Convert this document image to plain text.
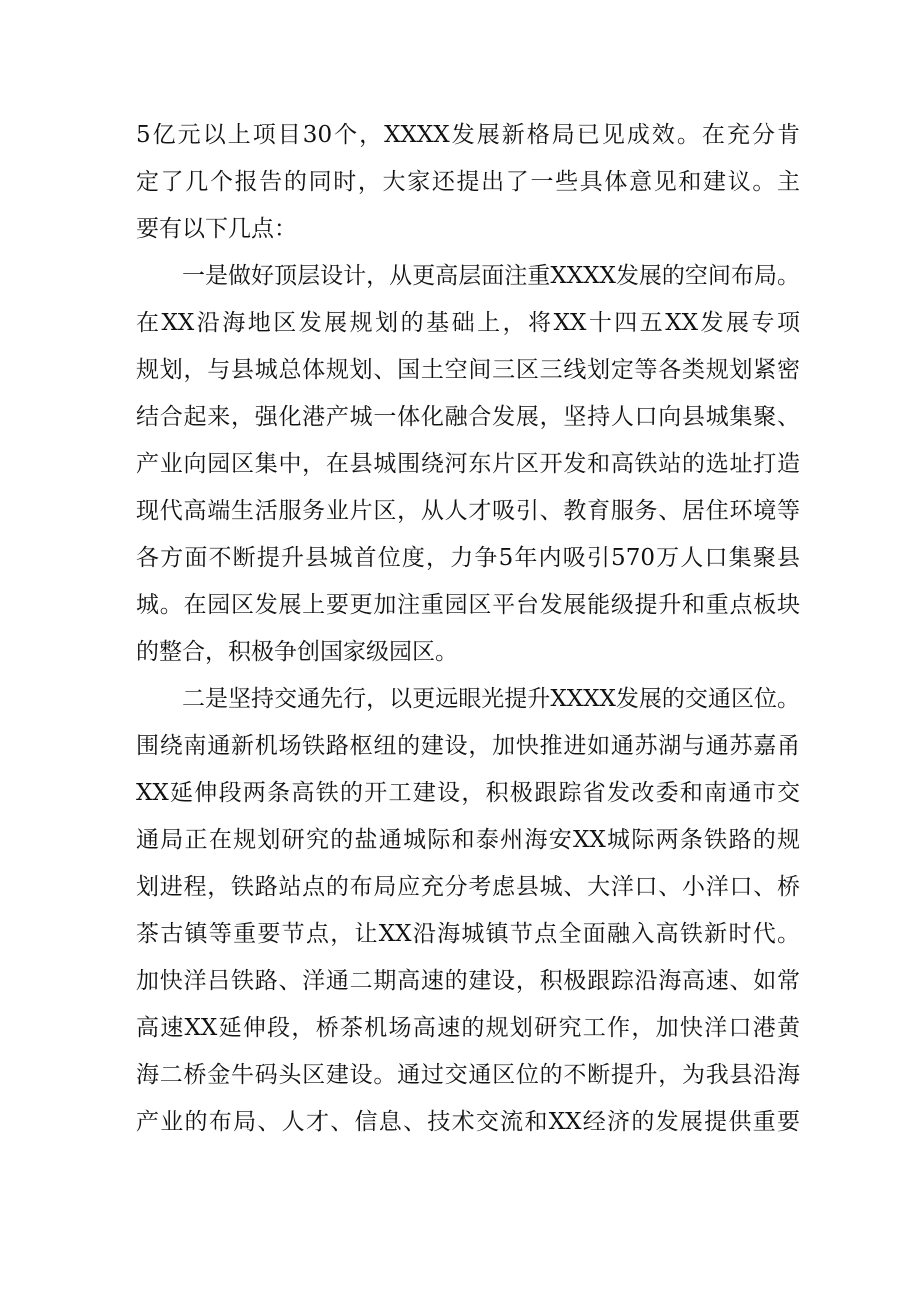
5亿元以上项目30个，XXXX发展新格局已见成效。在充分肯
定了几个报告的同时，大家还提出了一些具体意见和建议。主
要有以下几点：
一是做好顶层设计，从更高层面注重XXXX发展的空间布局。
在XX沿海地区发展规划的基础上，将XX十四五XX发展专项
规划，与县城总体规划、国土空间三区三线划定等各类规划紧密
结合起来，强化港产城一体化融合发展，坚持人口向县城集聚、
产业向园区集中，在县城围绕河东片区开发和高铁站的选址打造
现代高端生活服务业片区，从人才吸引、教育服务、居住环境等
各方面不断提升县城首位度，力争5年内吸引570万人口集聚县
城。在园区发展上要更加注重园区平台发展能级提升和重点板块
的整合，积极争创国家级园区。
二是坚持交通先行，以更远眼光提升XXXX发展的交通区位。
围绕南通新机场铁路枢纽的建设，加快推进如通苏湖与通苏嘉甬
XX延伸段两条高铁的开工建设，积极跟踪省发改委和南通市交
通局正在规划研究的盐通城际和泰州海安XX城际两条铁路的规
划进程，铁路站点的布局应充分考虑县城、大洋口、小洋口、桥
茶古镇等重要节点，让XX沿海城镇节点全面融入高铁新时代。
加快洋吕铁路、洋通二期高速的建设，积极跟踪沿海高速、如常
高速XX延伸段，桥茶机场高速的规划研究工作，加快洋口港黄
海二桥金牛码头区建设。通过交通区位的不断提升，为我县沿海
产业的布局、人才、信息、技术交流和XX经济的发展提供重要
